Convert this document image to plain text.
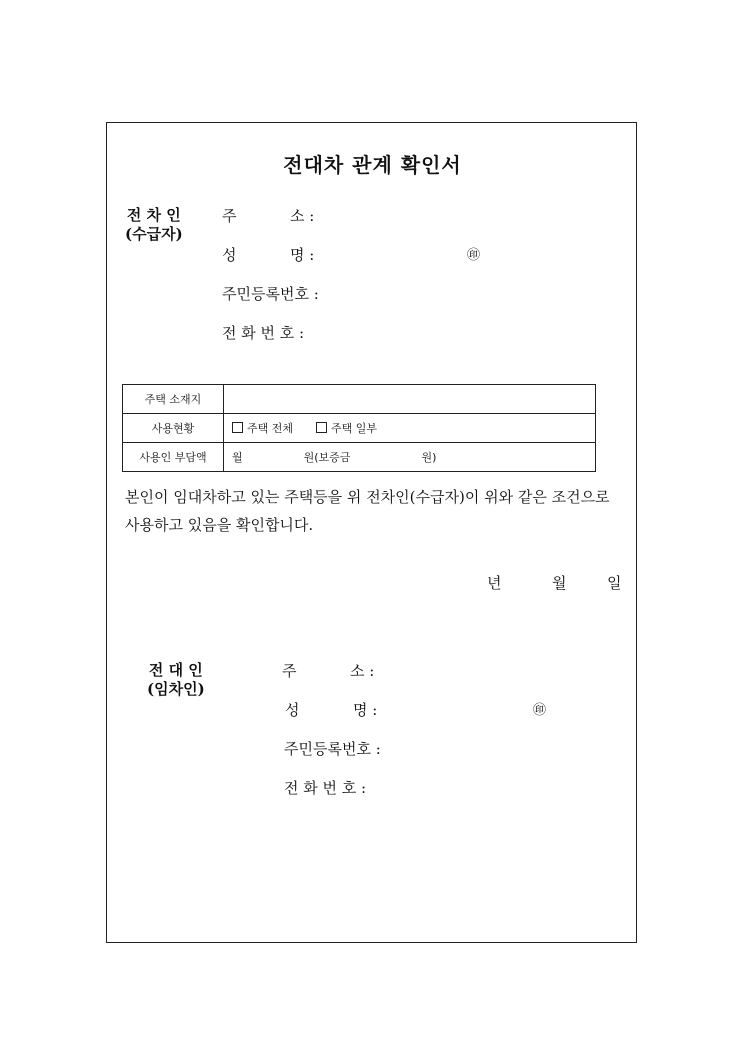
전대차 관계 확인서
전 차 인
(수급자)
주	소 :
성	명 :	㊞
주민등록번호 :
전 화 번 호 :
주택 소재지	
사용현황	주택 전체 주택 일부
사용인 부담액	월 원(보증금 원)
본인이 임대차하고 있는 주택등을 위 전차인(수급자)이 위와 같은 조건으로
사용하고 있음을 확인합니다.
년	월	일
전 대 인
(임차인)
주	소 :
성	명 :	㊞
주민등록번호 :
전 화 번 호 :
